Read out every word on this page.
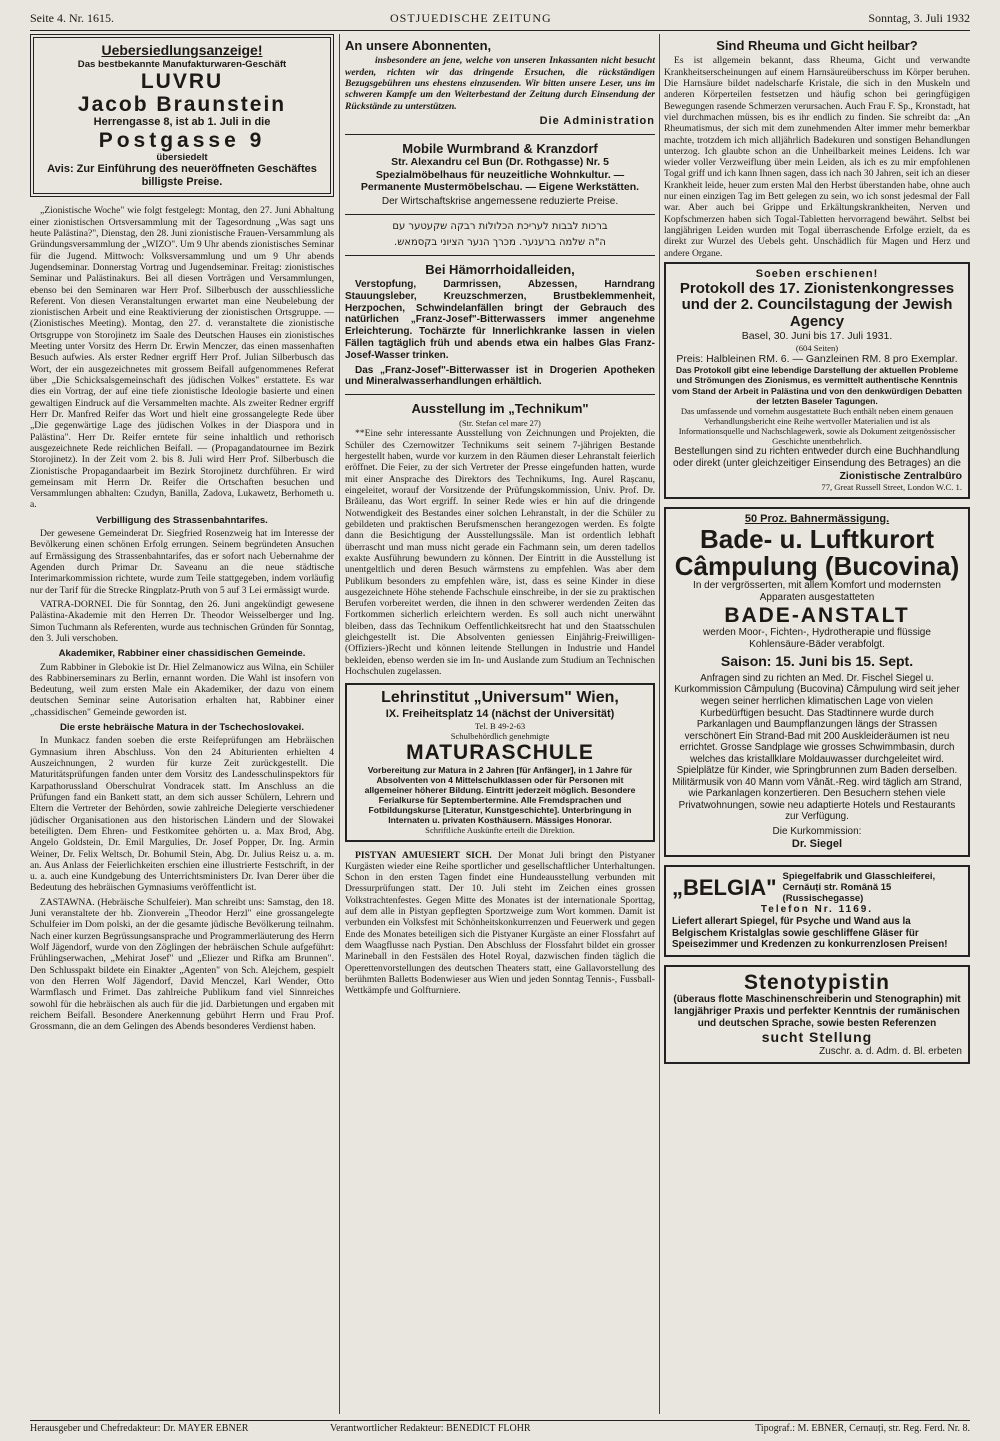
Seite 4. Nr. 1615.	OSTJUEDISCHE ZEITUNG	Sonntag, 3. Juli 1932
Uebersiedlungsanzeige!
Das bestbekannte Manufakturwaren-Geschäft
LUVRU
Jacob Braunstein
Herrengasse 8, ist ab 1. Juli in die
Postgasse 9
übersiedelt
Avis: Zur Einführung des neueröffneten Geschäftes billigste Preise.

„Zionistische Woche" wie folgt festgelegt: Montag, den 27. Juni Abhaltung einer zionistischen Ortsversammlung mit der Tagesordnung „Was sagt uns heute Palästina?", Dienstag, den 28. Juni zionistische Frauen-Versammlung als Gründungsversammlung der „WIZO". Um 9 Uhr abends zionistisches Seminar für die Jugend. Mittwoch: Volksversammlung und um 9 Uhr abends Jugendseminar. Donnerstag Vortrag und Jugendseminar. Freitag: zionistisches Seminar und Palästinakurs. Bei all diesen Vorträgen und Versammlungen, ebenso bei den Seminaren war Herr Prof. Silberbusch der ausschliessliche Referent. Von diesen Veranstaltungen erwartet man eine Neubelebung der zionistischen Arbeit und eine Reaktivierung der zionistischen Ortsgruppe. — (Zionistisches Meeting). Montag, den 27. d. veranstaltete die zionistische Ortsgruppe von Storojinetz im Saale des Deutschen Hauses ein zionistisches Meeting unter Vorsitz des Herrn Dr. Erwin Menczer, das einen massenhaften Besuch aufwies. Als erster Redner ergriff Herr Prof. Julian Silberbusch das Wort, der ein ausgezeichnetes mit grossem Beifall aufgenommenes Referat über „Die Schicksalsgemeinschaft des jüdischen Volkes" erstattete. Es war dies ein Vortrag, der auf eine tiefe zionistische Ideologie basierte und einen gewaltigen Eindruck auf die Versammelten machte. Als zweiter Redner ergriff Herr Dr. Manfred Reifer das Wort und hielt eine grossangelegte Rede über „Die gegenwärtige Lage des jüdischen Volkes in der Diaspora und in Palästina". Herr Dr. Reifer erntete für seine inhaltlich und rethorisch ausgezeichnete Rede reichlichen Beifall. — (Propagandatournee im Bezirk Storojinetz). In der Zeit vom 2. bis 8. Juli wird Herr Prof. Silberbusch die Zionistische Propagandaarbeit im Bezirk Storojinetz durchführen. Er wird gemeinsam mit Herrn Dr. Reifer die Ortschaften besuchen und Versammlungen abhalten: Czudyn, Banilla, Zadova, Lukawetz, Berhometh u. a.

Verbilligung des Strassenbahntarifes.

Der gewesene Gemeinderat Dr. Siegfried Rosenzweig hat im Interesse der Bevölkerung einen schönen Erfolg errungen. Seinem begründeten Ansuchen auf Ermässigung des Strassenbahntarifes, das er sofort nach Uebernahme der Agenden durch Primar Dr. Saveanu an die neue städtische Interimarkommission richtete, wurde zum Teile stattgegeben, indem vorläufig nur der Tarif für die Strecke Ringplatz-Pruth von 5 auf 3 Lei ermässigt wurde.

VATRA-DORNEI. Die für Sonntag, den 26. Juni angekündigt gewesene Palästina-Akademie mit den Herren Dr. Theodor Weisselberger und Ing. Simon Tuchmann als Referenten, wurde aus technischen Gründen für Sonntag, den 3. Juli verschoben.

Akademiker, Rabbiner einer chassidischen Gemeinde.

Zum Rabbiner in Glebokie ist Dr. Hiel Zelmanowicz aus Wilna, ein Schüler des Rabbinerseminars zu Berlin, ernannt worden. Die Wahl ist insofern von Bedeutung, weil zum ersten Male ein Akademiker, der dazu von einem deutschen Seminar seine Autorisation erhalten hat, Rabbiner einer „chassidischen" Gemeinde geworden ist.

Die erste hebräische Matura in der Tschechoslovakei.

In Munkacz fanden soeben die erste Reifeprüfungen am Hebräischen Gymnasium ihren Abschluss. Von den 24 Abiturienten erhielten 4 Auszeichnungen, 2 wurden für kurze Zeit zurückgestellt. Die Maturitätsprüfungen fanden unter dem Vorsitz des Landesschulinspektors für Karpathorussland Oberschulrat Vondracek statt. Im Anschluss an die Prüfungen fand ein Bankett statt, an dem sich ausser Schülern, Lehrern und Eltern die Vertreter der Behörden, sowie zahlreiche Delegierte verschiedener jüdischer Organisationen aus den historischen Ländern und der Slowakei beteiligten. Dem Ehren- und Festkomitee gehörten u. a. Max Brod, Abg. Angelo Goldstein, Dr. Emil Margulies, Dr. Josef Popper, Dr. Ing. Armin Weiner, Dr. Felix Weltsch, Dr. Bohumil Stein, Abg. Dr. Julius Reisz u. a. m. an. Aus Anlass der Feierlichkeiten erschien eine illustrierte Festschrift, in der u. a. auch eine Kundgebung des Unterrichtsministers Dr. Ivan Derer über die Bedeutung des hebräischen Gymnasiums veröffentlicht ist.

ZASTAWNA. (Hebräische Schulfeier). Man schreibt uns: Samstag, den 18. Juni veranstaltete der hb. Zionverein „Theodor Herzl" eine grossangelegte Schulfeier im Dom polski, an der die gesamte jüdische Bevölkerung teilnahm. Nach einer kurzen Begrüssungsansprache und Programmerläuterung des Herrn Wolf Jägendorf, wurde von den Zöglingen der hebräischen Schule aufgeführt: Frühlingserwachen, „Mehirat Josef" und „Eliezer und Rifka am Brunnen". Den Schlusspakt bildete ein Einakter „Agenten" von Sch. Alejchem, gespielt von den Herren Wolf Jägendorf, David Menczel, Karl Wender, Otto Warmflasch und Frimet. Das zahlreiche Publikum fand viel Sinnreiches sowohl für die hebräischen als auch für die jid. Darbietungen und ergaben mit reichem Beifall. Besondere Anerkennung gebührt Herrn und Frau Prof. Grossmann, die an dem Gelingen des Abends besonderes Verdienst haben.

An unsere Abonnenten,

insbesondere an jene, welche von unseren Inkassanten nicht besucht werden, richten wir das dringende Ersuchen, die rückständigen Bezugsgebühren uns ehestens einzusenden. Wir bitten unsere Leser, uns im schweren Kampfe um den Weiterbestand der Zeitung durch Einsendung der Rückstände zu unterstützen.

Die Administration
Mobile Wurmbrand & Kranzdorf
Str. Alexandru cel Bun (Dr. Rothgasse) Nr. 5 Spezialmöbelhaus für neuzeitliche Wohnkultur. — Permanente Mustermöbelschau. — Eigene Werkstätten.
Der Wirtschaftskrise angemessene reduzierte Preise.
ברכות לבבות לעריכת הכלולות רבקה שקעטער עם
ה"ה שלמה ברענער. מכרך הנער הציוני בקסמאש.
Bei Hämorrhoidalleiden,

Verstopfung, Darmrissen, Abzessen, Harndrang Stauungsleber, Kreuzschmerzen, Brustbeklemmenheit, Herzpochen, Schwindelanfällen bringt der Gebrauch des natürlichen „Franz-Josef"-Bitterwassers immer angenehme Erleichterung. Tochärzte für Innerlichkranke lassen in vielen Fällen tagtäglich früh und abends etwa ein halbes Glas Franz-Josef-Wasser trinken.

Das „Franz-Josef"-Bitterwasser ist in Drogerien Apotheken und Mineralwasserhandlungen erhältlich.

Ausstellung im „Technikum"
(Str. Stefan cel mare 27)

**Eine sehr interessante Ausstellung von Zeichnungen und Projekten, die Schüler des Czernowitzer Technikums seit seinem 7-jährigen Bestande hergestellt haben, wurde vor kurzem in den Räumen dieser Lehranstalt feierlich eröffnet. Die Feier, zu der sich Vertreter der Presse eingefunden hatten, wurde mit einer Ansprache des Direktors des Technikums, Ing. Aurel Rașcanu, eingeleitet, worauf der Vorsitzende der Prüfungskommission, Univ. Prof. Dr. Brăileanu, das Wort ergriff. In seiner Rede wies er hin auf die dringende Notwendigkeit des Bestandes einer solchen Lehranstalt, in der die Schüler zu gebildeten und praktischen Berufsmenschen herangezogen werden. Es folgte dann die Besichtigung der Ausstellungssäle. Man ist ordentlich lebhaft überrascht und man muss nicht gerade ein Fachmann sein, um deren tadellos exakte Ausführung bewundern zu können. Der Eintritt in die Ausstellung ist unentgeltlich und deren Besuch wärmstens zu empfehlen. Was aber dem Publikum besonders zu empfehlen wäre, ist, dass es seine Kinder in diese ausgezeichnete Höhe stehende Fachschule einschreibe, in der sie zu praktischen Berufen vorbereitet werden, die ihnen in den schwerer werdenden Zeiten das Fortkommen sicherlich erleichtern werden. Es soll auch nicht unerwähnt bleiben, dass das Technikum Oeffentlichkeitsrecht hat und den Staatsschulen gleichgestellt ist. Die Absolventen geniessen Einjährig-Freiwilligen-(Offiziers-)Recht und können leitende Stellungen in Industrie und Handel bekleiden, ebenso werden sie im In- und Auslande zum Studium an Technischen Hochschulen zugelassen.

Lehrinstitut „Universum" Wien,
IX. Freiheitsplatz 14 (nächst der Universität)
Tel. B 49-2-63
Schulbehördlich genehmigte
MATURASCHULE
Vorbereitung zur Matura in 2 Jahren [für Anfänger], in 1 Jahre für Absolventen von 4 Mittelschulklassen oder für Personen mit allgemeiner höherer Bildung. Eintritt jederzeit möglich. Besondere Ferialkurse für Septembertermine. Alle Fremdsprachen und Fotbildungskurse [Literatur, Kunstgeschichte]. Unterbringung in Internaten u. privaten Kosthäusern. Mässiges Honorar.
Schriftliche Auskünfte erteilt die Direktion.

PISTYAN AMUESIERT SICH. Der Monat Juli bringt den Pistyaner Kurgästen wieder eine Reihe sportlicher und gesellschaftlicher Unterhaltungen. Schon in den ersten Tagen findet eine Hundeausstellung verbunden mit Dressurprüfungen statt. Der 10. Juli steht im Zeichen eines grossen Volkstrachtenfestes. Gegen Mitte des Monates ist der internationale Sporttag, auf dem alle in Pistyan gepflegten Sportzweige zum Wort kommen. Damit ist verbunden ein Volksfest mit Schönheitskonkurrenzen und Feuerwerk und gegen Ende des Monates beteiligen sich die Pistyaner Kurgäste an einer Flossfahrt auf dem Waagflusse nach Pystian. Den Abschluss der Flossfahrt bildet ein grosser Marineball in den Festsälen des Hotel Royal, dazwischen finden täglich die Operettenvorstellungen des deutschen Theaters statt, eine Gallavorstellung des berühmten Balletts Bodenwieser aus Wien und jeden Sonntag Tennis-, Fussball-Wettkämpfe und Golfturniere.

Sind Rheuma und Gicht heilbar?

Es ist allgemein bekannt, dass Rheuma, Gicht und verwandte Krankheitserscheinungen auf einem Harnsäureüberschuss im Körper beruhen. Die Harnsäure bildet nadelscharfe Kristale, die sich in den Muskeln und anderen Körperteilen festsetzen und häufig schon bei geringfügigen Bewegungen rasende Schmerzen verursachen. Auch Frau F. Sp., Kronstadt, hat viel durchmachen müssen, bis es ihr endlich zu finden. Sie schreibt da: „An Rheumatismus, der sich mit dem zunehmenden Alter immer mehr bemerkbar machte, trotzdem ich mich alljährlich Badekuren und sonstigen Behandlungen unterzog. Ich glaubte schon an die Unheilbarkeit meines Leidens. Ich war wieder voller Verzweiflung über mein Leiden, als ich es zu mir empfohlenen Togal griff und ich kann Ihnen sagen, dass ich nach 30 Jahren, seit ich an dieser Krankheit leide, heuer zum ersten Mal den Herbst überstanden habe, ohne auch nur einen einzigen Tag im Bett gelegen zu sein, wo ich sonst jedesmal der Fall war. Aber auch bei Grippe und Erkältungskrankheiten, Nerven und Kopfschmerzen haben sich Togal-Tabletten hervorragend bewährt. Selbst bei langjährigen Leiden wurden mit Togal überraschende Erfolge erzielt, da es direkt zur Wurzel des Uebels geht. Unschädlich für Magen und Herz und andere Organe.

Soeben erschienen!
Protokoll des 17. Zionistenkongresses und der 2. Councilstagung der Jewish Agency
Basel, 30. Juni bis 17. Juli 1931.
(604 Seiten)
Preis: Halbleinen RM. 6. — Ganzleinen RM. 8 pro Exemplar.
Das Protokoll gibt eine lebendige Darstellung der aktuellen Probleme und Strömungen des Zionismus, es vermittelt authentische Kenntnis vom Stand der Arbeit in Palästina und von den denkwürdigen Debatten der letzten Baseler Tagungen.
Das umfassende und vornehm ausgestattete Buch enthält neben einem genauen Verhandlungsbericht eine Reihe wertvoller Materialien und ist als Informationsquelle und Nachschlagewerk, sowie als Dokument zeitgenössischer Geschichte unentbehrlich.
Bestellungen sind zu richten entweder durch eine Buchhandlung oder direkt (unter gleichzeitiger Einsendung des Betrages) an die
Zionistische Zentralbüro
77, Great Russell Street, London W.C. 1.
50 Proz. Bahnermässigung.
Bade- u. Luftkurort Câmpulung (Bucovina)
In der vergrösserten, mit allem Komfort und modernsten Apparaten ausgestatteten
BADE-ANSTALT
werden Moor-, Fichten-, Hydrotherapie und flüssige Kohlensäure-Bäder verabfolgt.
Saison: 15. Juni bis 15. Sept.
Anfragen sind zu richten an Med. Dr. Fischel Siegel u. Kurkommission Câmpulung (Bucovina) Câmpulung wird seit jeher wegen seiner herrlichen klimatischen Lage von vielen Kurbedürftigen besucht. Das Stadtinnere wurde durch Parkanlagen und Baumpflanzungen längs der Strassen verschönert Ein Strand-Bad mit 200 Auskleideräumen ist neu errichtet. Grosse Sandplage wie grosses Schwimmbasin, durch welches das kristallklare Moldauwasser durchgeleitet wird. Spielplätze für Kinder, wie Springbrunnen zum Baden derselben. Militärmusik von 40 Mann vom Vânăt.-Reg. wird täglich am Strand, wie Parkanlagen konzertieren. Den Besuchern stehen viele Privatwohnungen, sowie neu adaptierte Hotels und Restaurants zur Verfügung.
Die Kurkommission:
Dr. Siegel
„BELGIA" Spiegelfabrik und Glasschleiferei, Cernăuți str. Română 15 (Russischegasse)
Telefon Nr. 1169.
Liefert allerart Spiegel, für Psyche und Wand aus la Belgischem Kristalglas sowie geschliffene Gläser für Speisezimmer und Kredenzen zu konkurrenzlosen Preisen!
Stenotypistin
(überaus flotte Maschinenschreiberin und Stenographin) mit langjähriger Praxis und perfekter Kenntnis der rumänischen und deutschen Sprache, sowie besten Referenzen
sucht Stellung
Zuschr. a. d. Adm. d. Bl. erbeten
Herausgeber und Chefredakteur: Dr. MAYER EBNER	Verantwortlicher Redakteur: BENEDICT FLOHR	Tipograf.: M. EBNER, Cernauți, str. Reg. Ferd. Nr. 8.
